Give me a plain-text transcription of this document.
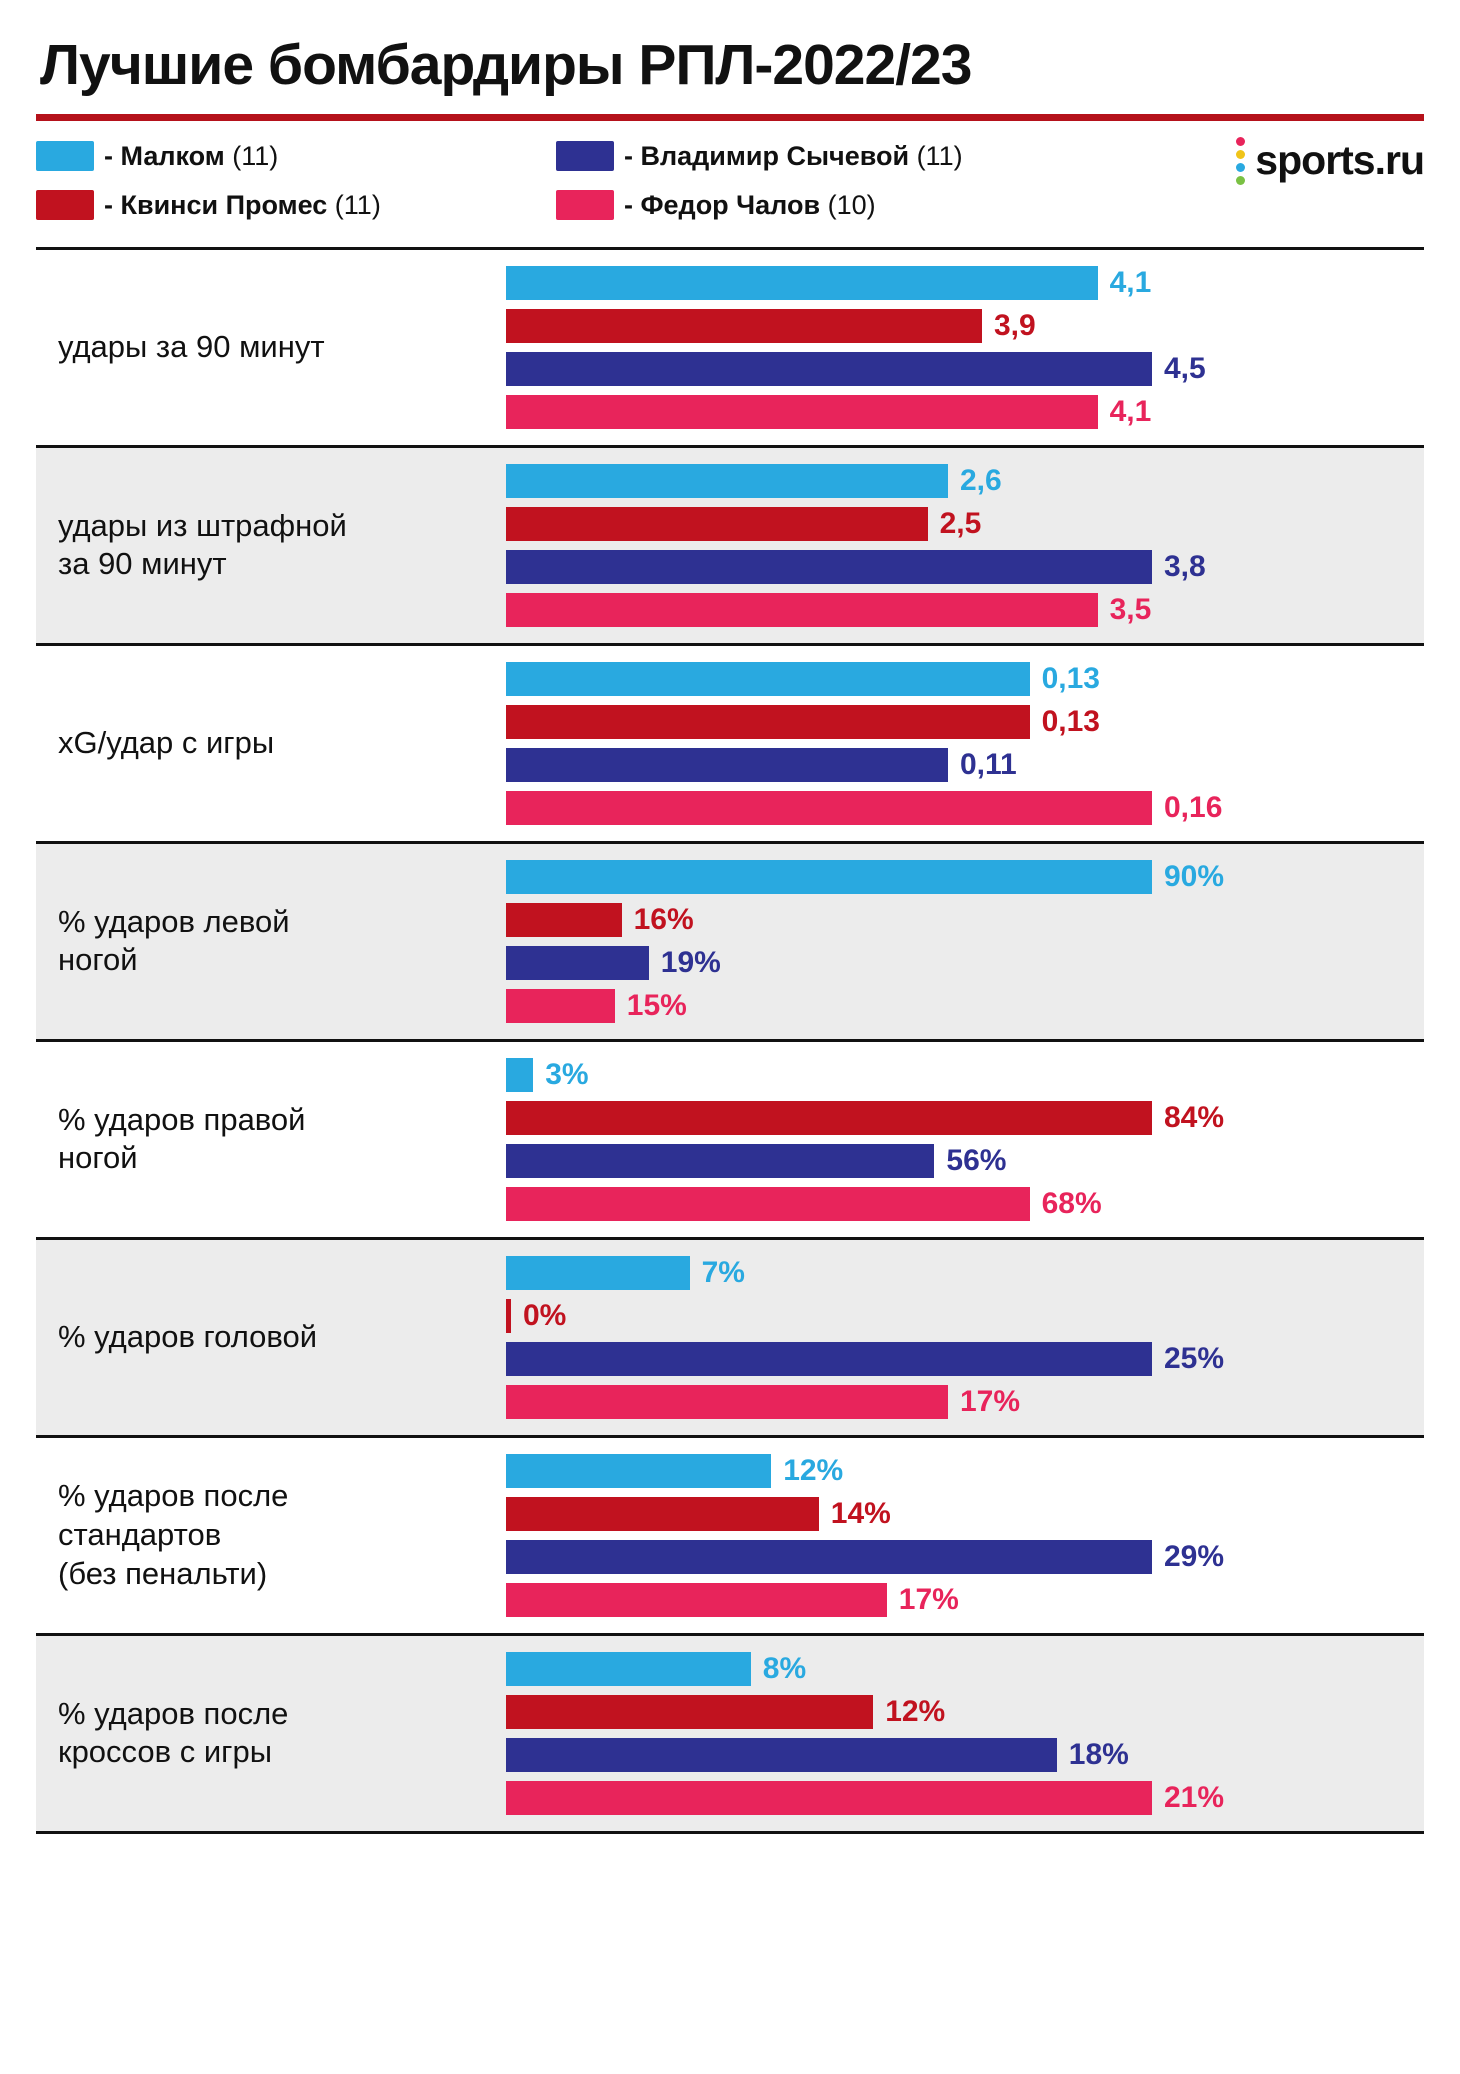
Лучшие бомбардиры РПЛ-2022/23
- Малком (11)	- Владимир Сычевой (11)
- Квинси Промес (11)	- Федор Чалов (10)
sports.ru
удары за 90 минут
4,1
3,9
4,5
4,1
удары из штрафной
за 90 минут
2,6
2,5
3,8
3,5
xG/удар с игры
0,13
0,13
0,11
0,16
% ударов левой
ногой
90%
16%
19%
15%
% ударов правой
ногой
3%
84%
56%
68%
% ударов головой
7%
0%
25%
17%
% ударов после
стандартов
(без пенальти)
12%
14%
29%
17%
% ударов после
кроссов с игры
8%
12%
18%
21%
